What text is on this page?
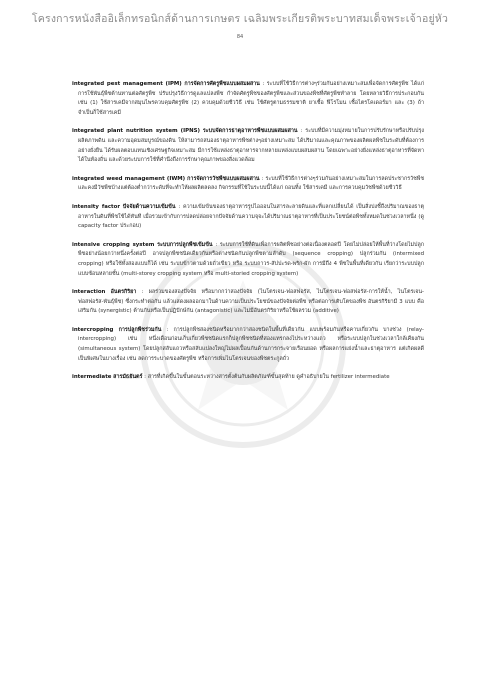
โครงการหนังสืออิเล็กทรอนิกส์ด้านการเกษตร เฉลิมพระเกียรติพระบาทสมเด็จพระเจ้าอยู่หัว
84

integrated pest management (IPM) การจัดการศัตรูพืชแบบผสมผสาน : ระบบที่ใช้วิธีการต่างๆร่วมกันอย่างเหมาะสมเพื่อจัดการศัตรูพืช ได้แก่ การใช้พันธุ์พืชต้านทานต่อศัตรูพืช ปรับปรุงวิธีการดูแลแปลงพืช กำจัดศัตรูพืชของศัตรูพืชและส่วนของพืชที่ศัตรูพืชทำลาย โดยหลายวิธีการประกอบกัน เช่น (1) ใช้สารเคมีจากสมุนไพรควบคุมศัตรูพืช (2) ควบคุมด้วยชีววิธี เช่น ใช้ศัตรูตามธรรมชาติ ยาเชื้อ ฟีโรโมน เชื้อไตรโคเดอร์มา และ (3) ถ้าจำเป็นก็ใช้สารเคมี

integrated plant nutrition system (IPNS) ระบบจัดการธาตุอาหารพืชแบบผสมผสาน : ระบบที่มีความมุ่งหมายในการปรับรักษาหรือปรับปรุงผลิตภาพดิน และความอุดมสมบูรณ์ของดิน ให้สามารถสนองธาตุอาหารพืชต่างๆอย่างเหมาะสม ได้ปริมาณและคุณภาพของผลิตผลพืชในระดับที่ต้องการอย่างยั่งยืน ได้รับผลตอบแทนเชิงเศรษฐกิจเหมาะสม มีการใช้แหล่งธาตุอาหารจากหลายแหล่งแบบผสมผสาน โดยเฉพาะอย่างยิ่งแหล่งธาตุอาหารที่จัดหาได้ในท้องถิ่น และด้วยระบบการใช้ที่คำนึงถึงการรักษาคุณภาพของสิ่งแวดล้อม

integrated weed management (IWM) การจัดการวัชพืชแบบผสมผสาน : ระบบที่ใช้วิธีการต่างๆร่วมกันอย่างเหมาะสมในการลดประชากรวัชพืช และคงมีวัชพืชบ้างแต่ต้องต่ำกว่าระดับที่จะทำให้ผลผลิตลดลง กิจกรรมที่ใช้ในระบบนี้ได้แก่ ถอนทิ้ง ใช้สารเคมี และการควบคุมวัชพืชด้วยชีววิธี

intensity factor ปัจจัยด้านความเข้มข้น : ความเข้มข้นของธาตุอาหารรูปไอออนในสารละลายดินและที่แลกเปลี่ยนได้ เป็นสิ่งบ่งชี้ถึงปริมาณของธาตุอาหารในดินที่พืชใช้ได้ทันที เมื่อรวมเข้ากับการปลดปล่อยจากปัจจัยด้านความจุจะได้ปริมาณธาตุอาหารที่เป็นประโยชน์ต่อพืชทั้งหมดในช่วงเวลาหนึ่ง (ดู capacity factor ประกอบ)

intensive cropping system ระบบการปลูกพืชเข้มข้น : ระบบการใช้ที่ดินเพื่อการผลิตพืชอย่างต่อเนื่องตลอดปี โดยไม่ปล่อยให้พื้นที่ว่างโดยไม่ปลูกพืชอย่างน้อยกว่าหนึ่งครั้งต่อปี อาจปลูกพืชชนิดเดียวกันหรือต่างชนิดกันปลูกพืชตามลำดับ (sequence cropping) ปลูกร่วมกัน (intermixed cropping) หรือใช้ทั้งสองแบบก็ได้ เช่น ระบบข้าวตามด้วยถั่วเขียว หรือ ระบบถาวร-สัปปะรด-พริก-ผัก การมีถึง 4 พืชในพื้นที่เดียวกัน เรียกว่าระบบปลูกแบบซ้อนหลายชั้น (multi-storey cropping system หรือ multi-storied cropping system)

interaction อันตรกิริยา : ผลร่วมของสองปัจจัย หรือมากกว่าสองปัจจัย (ไนโตรเจน-ฟอสฟอรัส, ไนโตรเจน-ฟอสฟอรัส-การให้น้ำ, ไนโตรเจน-ฟอสฟอรัส-พันธุ์พืช) ซึ่งกระทำต่อกัน แล้วแสดงผลออกมาในด้านความเป็นประโยชน์ของปัจจัยต่อพืช หรือต่อการเติบโตของพืช อันตรกิริยามี 3 แบบ คือ เสริมกัน (synergistic) ต้านกันหรือเป็นปฏิปักษ์กัน (antagonistic) และไม่มีอันตรกิริยาหรือใช้ผลรวม (additive)

intercropping การปลูกพืชร่วมกัน : การปลูกพืชสองชนิดหรือมากกว่าสองชนิดในพื้นที่เดียวกัน แบบพร้อมกันหรือคาบเกี่ยวกัน บางช่วง (relay-intercropping) เช่น หนึ่งเดือนก่อนเก็บเกี่ยวพืชชนิดแรกก็ปลูกพืชชนิดที่สองแทรกลงไประหว่างแถว หรือระบบปลูกในช่วงเวลาใกล้เคียงกัน (simultaneous system) โดยปลูกสลับแถวหรือสลับแปลงใหญ่ไม่ผลเปื้อนกันด้านการกระจายเรือนยอด หรือผลการแย่งน้ำและธาตุอาหาร แต่เกิดผลดีเป็นพิเศษในบางเรื่อง เช่น ลดการระบาดของศัตรูพืช หรือการเพิ่มไนโตรเจนของพืชตระกูลถั่ว

intermediate สารมัธยันตร์ : สารที่เกิดขึ้นในขั้นตอนระหว่างสารตั้งต้นกับผลิตภัณฑ์ขั้นสุดท้าย ดูคำอธิบายใน fertilizer intermediate
